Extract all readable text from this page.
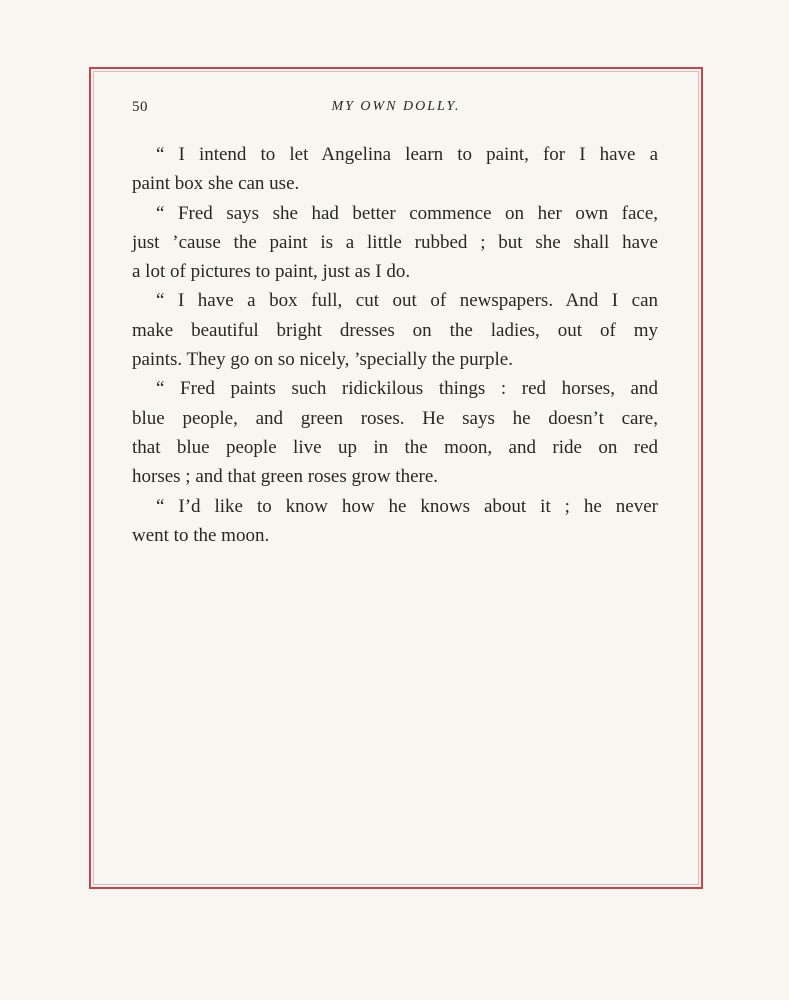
50	MY OWN DOLLY.
“ I intend to let Angelina learn to paint, for I have a
paint box she can use.
“ Fred says she had better commence on her own face,
just ’cause the paint is a little rubbed ; but she shall have
a lot of pictures to paint, just as I do.
“ I have a box full, cut out of newspapers. And I can
make beautiful bright dresses on the ladies, out of my
paints. They go on so nicely, ’specially the purple.
“ Fred paints such ridickilous things : red horses, and
blue people, and green roses. He says he doesn’t care,
that blue people live up in the moon, and ride on red
horses ; and that green roses grow there.
“ I’d like to know how he knows about it ; he never
went to the moon.
